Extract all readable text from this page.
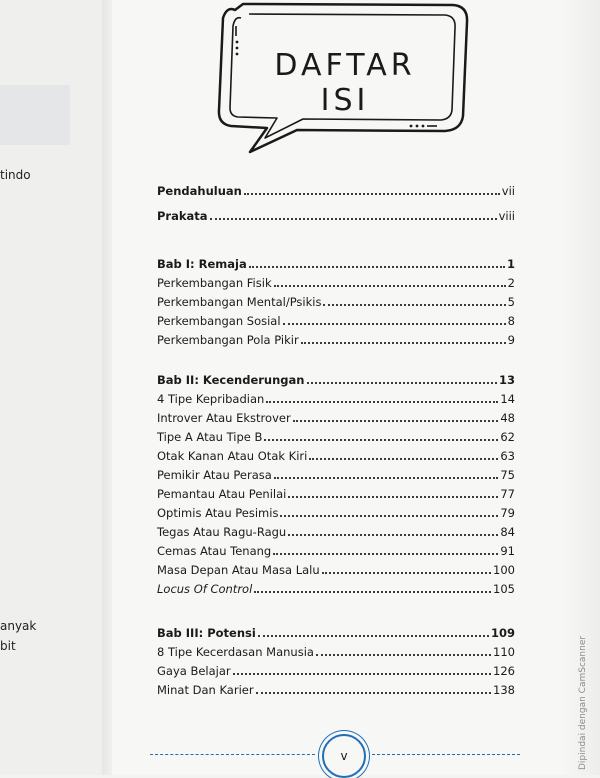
tindo
anyak
bit	Dipindai dengan CamScanner
DAFTAR ISI
Pendahuluan	vii
Prakata	viii
Bab I: Remaja	1
Perkembangan Fisik	2
Perkembangan Mental/Psikis	5
Perkembangan Sosial	8
Perkembangan Pola Pikir	9
Bab II: Kecenderungan	13
4 Tipe Kepribadian	14
Introver Atau Ekstrover	48
Tipe A Atau Tipe B	62
Otak Kanan Atau Otak Kiri	63
Pemikir Atau Perasa	75
Pemantau Atau Penilai	77
Optimis Atau Pesimis	79
Tegas Atau Ragu-Ragu	84
Cemas Atau Tenang	91
Masa Depan Atau Masa Lalu	100
Locus Of Control	105
Bab III: Potensi	109
8 Tipe Kecerdasan Manusia	110
Gaya Belajar	126
Minat Dan Karier	138
v
